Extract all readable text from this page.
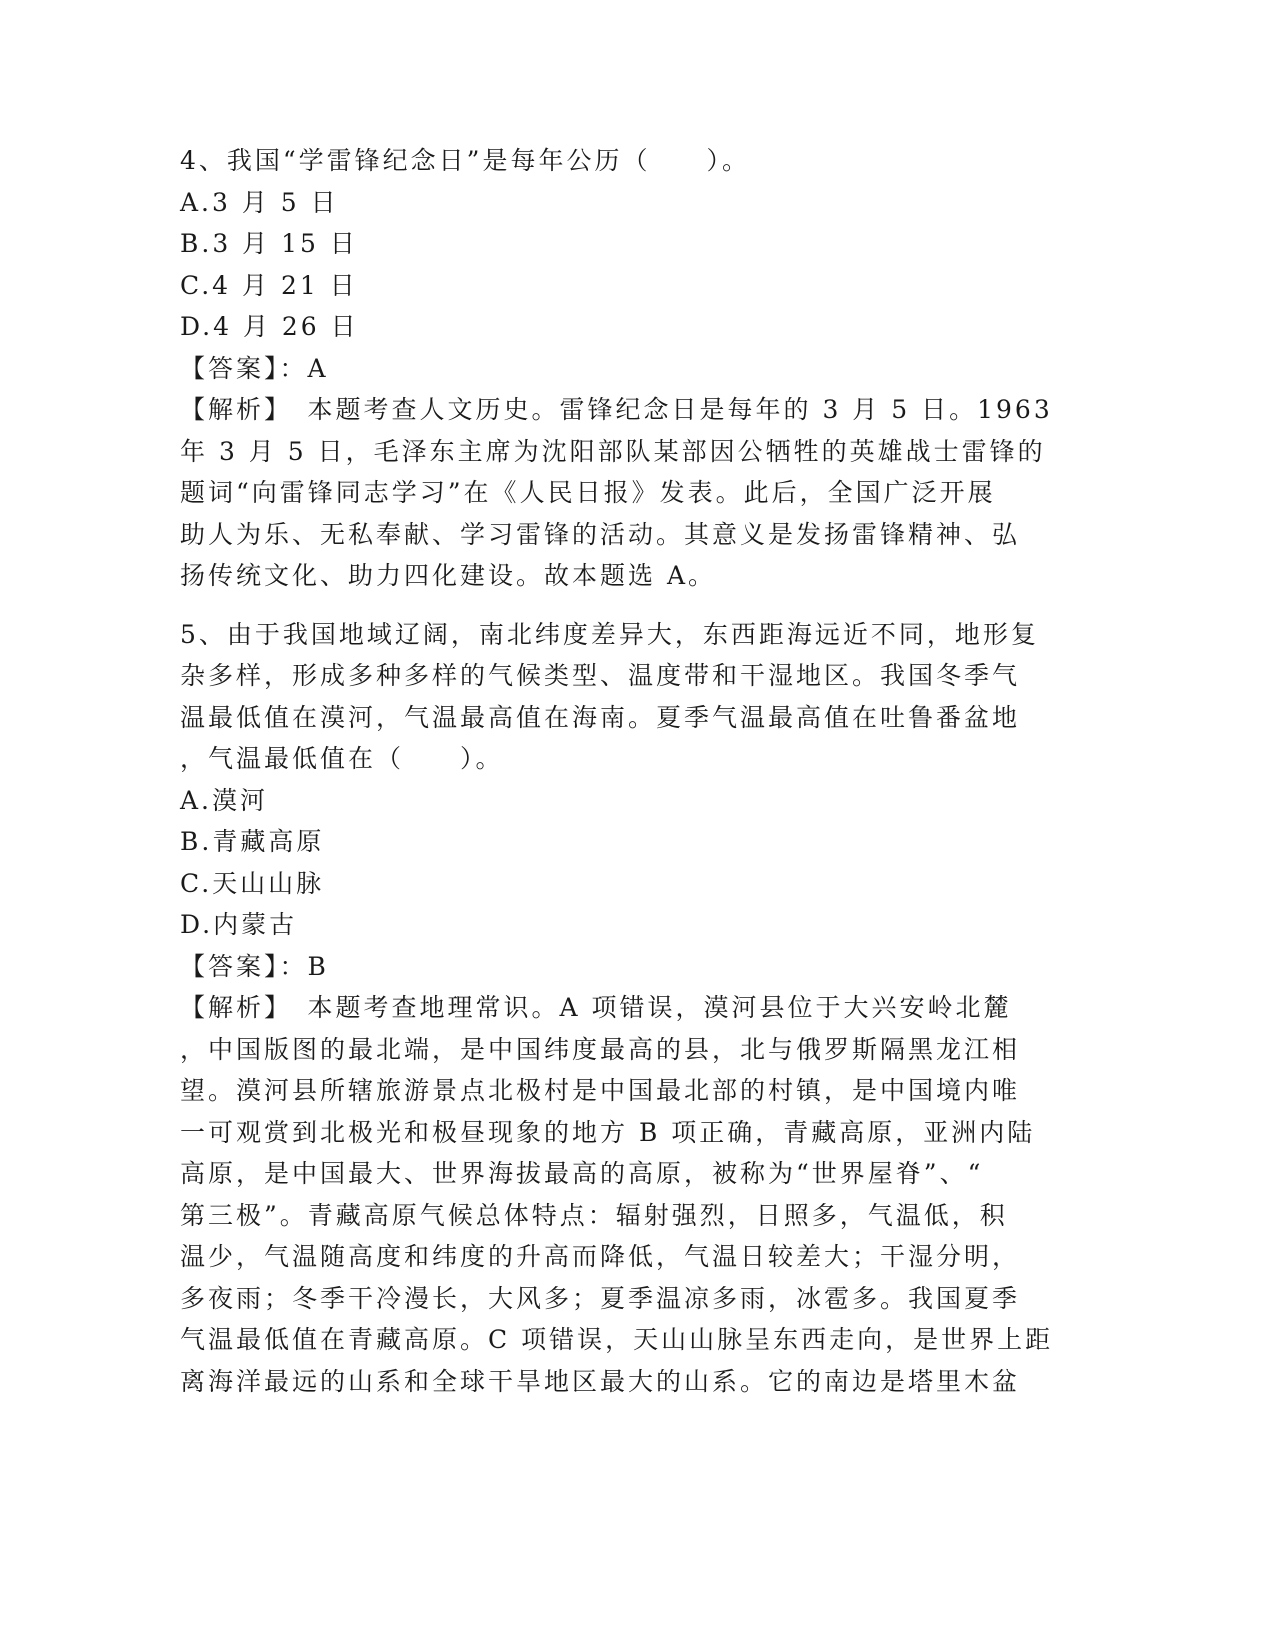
4、我国“学雷锋纪念日”是每年公历（　　）。
A.3 月 5 日
B.3 月 15 日
C.4 月 21 日
D.4 月 26 日
【答案】：A
【解析】　本题考查人文历史。雷锋纪念日是每年的 3 月 5 日。1963
年 3 月 5 日，毛泽东主席为沈阳部队某部因公牺牲的英雄战士雷锋的
题词“向雷锋同志学习”在《人民日报》发表。此后，全国广泛开展
助人为乐、无私奉献、学习雷锋的活动。其意义是发扬雷锋精神、弘
扬传统文化、助力四化建设。故本题选 A。
5、由于我国地域辽阔，南北纬度差异大，东西距海远近不同，地形复
杂多样，形成多种多样的气候类型、温度带和干湿地区。我国冬季气
温最低值在漠河，气温最高值在海南。夏季气温最高值在吐鲁番盆地
，气温最低值在（　　）。
A.漠河
B.青藏高原
C.天山山脉
D.内蒙古
【答案】：B
【解析】　本题考查地理常识。A 项错误，漠河县位于大兴安岭北麓
，中国版图的最北端，是中国纬度最高的县，北与俄罗斯隔黑龙江相
望。漠河县所辖旅游景点北极村是中国最北部的村镇，是中国境内唯
一可观赏到北极光和极昼现象的地方 B 项正确，青藏高原，亚洲内陆
高原，是中国最大、世界海拔最高的高原，被称为“世界屋脊”、“
第三极”。青藏高原气候总体特点：辐射强烈，日照多，气温低，积
温少，气温随高度和纬度的升高而降低，气温日较差大；干湿分明，
多夜雨；冬季干冷漫长，大风多；夏季温凉多雨，冰雹多。我国夏季
气温最低值在青藏高原。C 项错误，天山山脉呈东西走向，是世界上距
离海洋最远的山系和全球干旱地区最大的山系。它的南边是塔里木盆
